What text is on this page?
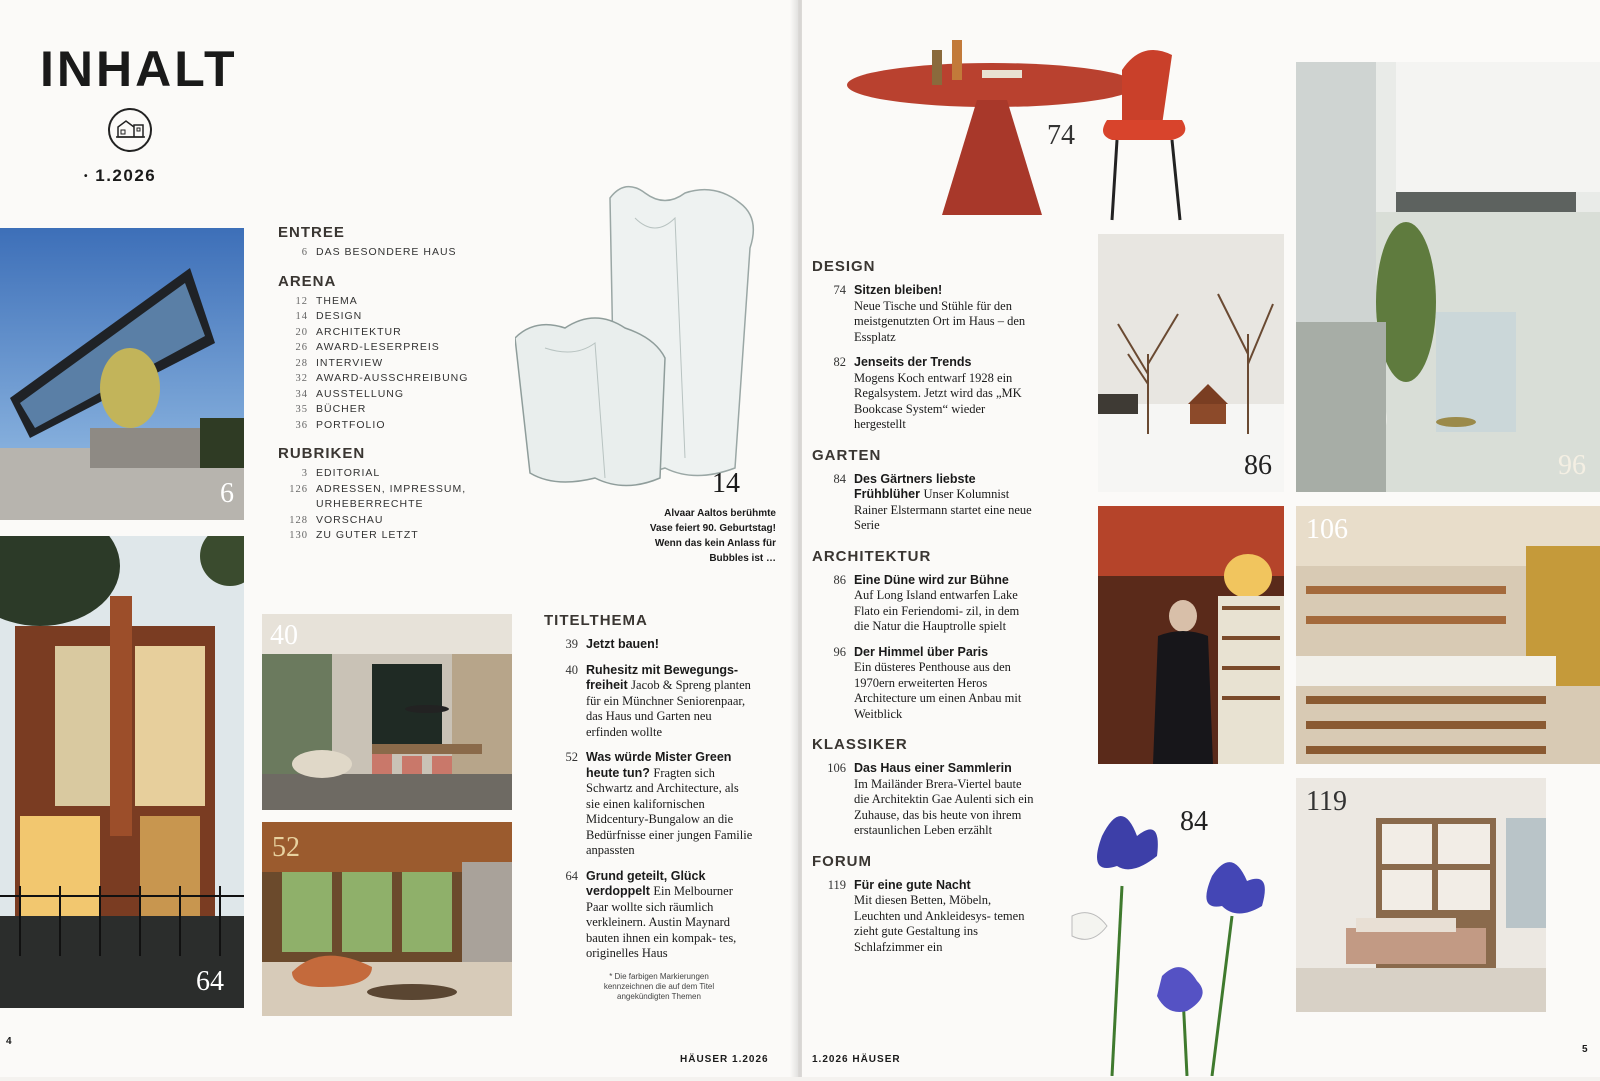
INHALT
• 1.2026
6
64
ENTREE
6 DAS BESONDERE HAUS
ARENA
12 THEMA
14 DESIGN
20 ARCHITEKTUR
26 AWARD-LESERPREIS
28 INTERVIEW
32 AWARD-AUSSCHREIBUNG
34 AUSSTELLUNG
35 BÜCHER
36 PORTFOLIO
RUBRIKEN
3 EDITORIAL
126 ADRESSEN, IMPRESSUM,
URHEBERRECHTE
128 VORSCHAU
130 ZU GUTER LETZT
14
Alvaar Aaltos berühmte
Vase feiert 90. Geburtstag!
Wenn das kein Anlass für
Bubbles ist …
40
52
TITELTHEMA
39 Jetzt bauen!
40 Ruhesitz mit Bewegungs- freiheit Jacob & Spreng planten für ein Münchner Seniorenpaar, das Haus und Garten neu erfinden wollte
52 Was würde Mister Green heute tun? Fragten sich Schwartz and Architecture, als sie einen kalifornischen Midcentury-Bungalow an die Bedürfnisse einer jungen Familie anpassten
64 Grund geteilt, Glück verdoppelt Ein Melbourner Paar wollte sich räumlich verkleinern. Austin Maynard bauten ihnen ein kompak- tes, originelles Haus
* Die farbigen Markierungen kennzeichnen die auf dem Titel angekündigten Themen
4
HÄUSER 1.2026
74
86	96
106
84
119
DESIGN
74 Sitzen bleiben!
Neue Tische und Stühle für den meistgenutzten Ort im Haus – den Essplatz
82 Jenseits der Trends
Mogens Koch entwarf 1928 ein Regalsystem. Jetzt wird das „MK Bookcase System“ wieder hergestellt
GARTEN
84 Des Gärtners liebste Frühblüher Unser Kolumnist Rainer Elstermann startet eine neue Serie
ARCHITEKTUR
86 Eine Düne wird zur Bühne
Auf Long Island entwarfen Lake Flato ein Feriendomi- zil, in dem die Natur die Hauptrolle spielt
96 Der Himmel über Paris
Ein düsteres Penthouse aus den 1970ern erweiterten Heros Architecture um einen Anbau mit Weitblick
KLASSIKER
106 Das Haus einer Sammlerin
Im Mailänder Brera-Viertel baute die Architektin Gae Aulenti sich ein Zuhause, das bis heute von ihrem erstaunlichen Leben erzählt
FORUM
119 Für eine gute Nacht
Mit diesen Betten, Möbeln, Leuchten und Ankleidesys- temen zieht gute Gestaltung ins Schlafzimmer ein
1.2026 HÄUSER
5
